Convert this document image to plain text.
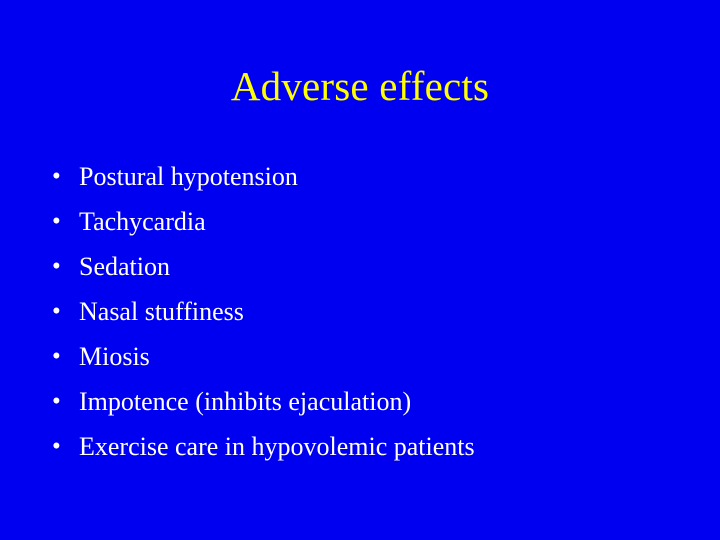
Adverse effects
• Postural hypotension
• Tachycardia
• Sedation
• Nasal stuffiness
• Miosis
• Impotence (inhibits ejaculation)
• Exercise care in hypovolemic patients
